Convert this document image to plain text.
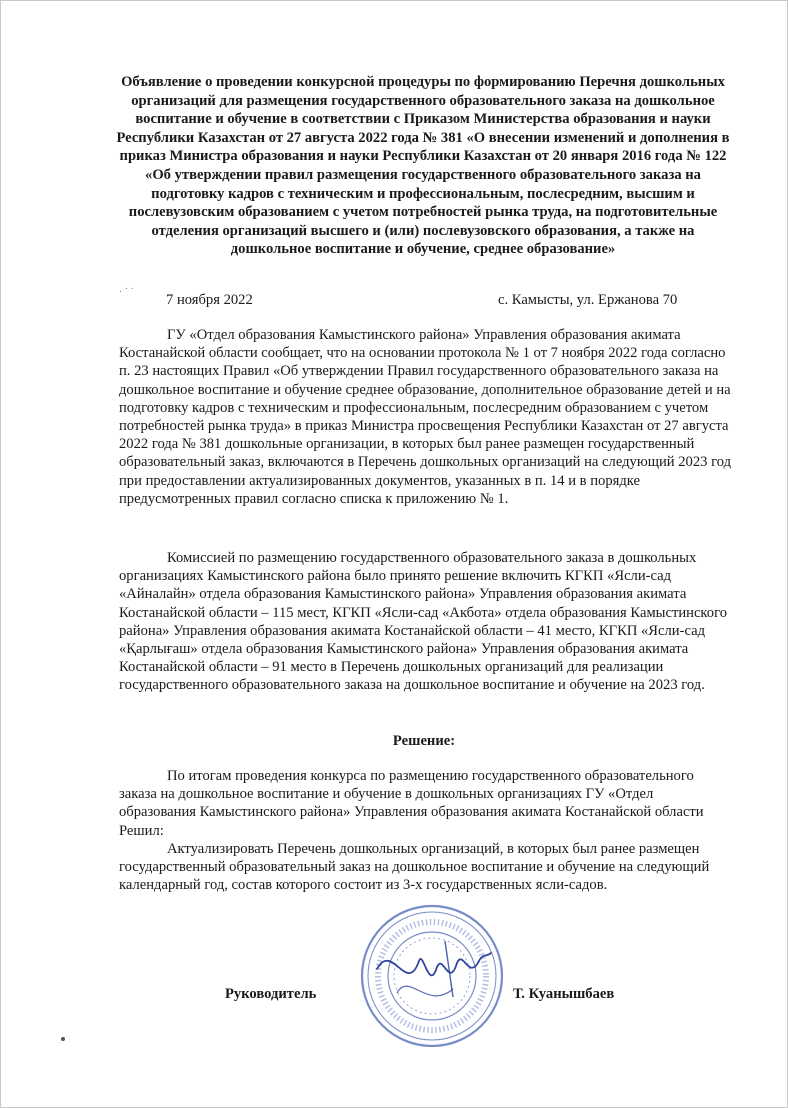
Объявление о проведении конкурсной процедуры по формированию Перечня дошкольных организаций для размещения государственного образовательного заказа на дошкольное воспитание и обучение в соответствии с Приказом Министерства образования и науки Республики Казахстан от 27 августа 2022 года № 381 «О внесении изменений и дополнения в приказ Министра образования и науки Республики Казахстан от 20 января 2016 года № 122 «Об утверждении правил размещения государственного образовательного заказа на подготовку кадров с техническим и профессиональным, послесредним, высшим и послевузовским образованием с учетом потребностей рынка труда, на подготовительные отделения организаций высшего и (или) послевузовского образования, а также на дошкольное воспитание и обучение, среднее образование»

· ˙ ˙ 7 ноября 2022	с. Камысты, ул. Ержанова 70

ГУ «Отдел образования Камыстинского района» Управления образования акимата Костанайской области сообщает, что на основании протокола № 1 от 7 ноября 2022 года согласно п. 23 настоящих Правил «Об утверждении Правил государственного образовательного заказа на дошкольное воспитание и обучение среднее образование, дополнительное образование детей и на подготовку кадров с техническим и профессиональным, послесредним образованием с учетом потребностей рынка труда» в приказ Министра просвещения Республики Казахстан от 27 августа 2022 года № 381 дошкольные организации, в которых был ранее размещен государственный образовательный заказ, включаются в Перечень дошкольных организаций на следующий 2023 год при предоставлении актуализированных документов, указанных в п. 14 и в порядке предусмотренных правил согласно списка к приложению № 1.

Комиссией по размещению государственного образовательного заказа в дошкольных организациях Камыстинского района было принято решение включить КГКП «Ясли-сад «Айналайн» отдела образования Камыстинского района» Управления образования акимата Костанайской области – 115 мест, КГКП «Ясли-сад «Акбота» отдела образования Камыстинского района» Управления образования акимата Костанайской области – 41 место, КГКП «Ясли-сад «Қарлығаш» отдела образования Камыстинского района» Управления образования акимата Костанайской области – 91 место в Перечень дошкольных организаций для реализации государственного образовательного заказа на дошкольное воспитание и обучение на 2023 год.

Решение:

По итогам проведения конкурса по размещению государственного образовательного заказа на дошкольное воспитание и обучение в дошкольных организациях ГУ «Отдел образования Камыстинского района» Управления образования акимата Костанайской области Решил:

Актуализировать Перечень дошкольных организаций, в которых был ранее размещен государственный образовательный заказ на дошкольное воспитание и обучение на следующий календарный год, состав которого состоит из 3-х государственных ясли-садов.

Руководитель	Т. Куанышбаев
